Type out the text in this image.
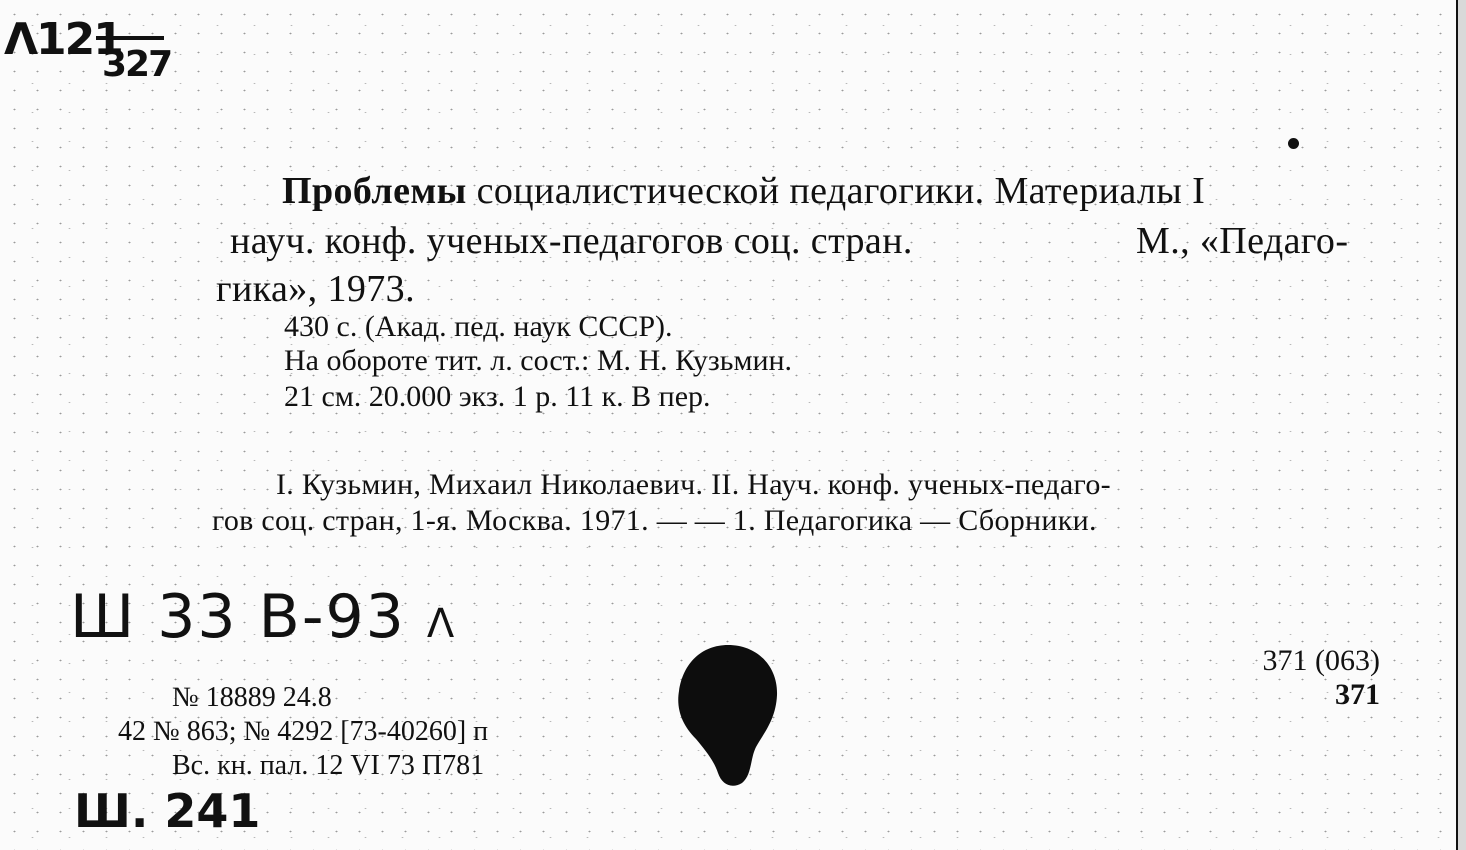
Λ121
327
Проблемы социалистической педагогики. Материалы I
науч. конф. ученых-педагогов соц. стран.	М., «Педаго-
гика», 1973.
430 с. (Акад. пед. наук СССР).
На обороте тит. л. сост.: М. Н. Кузьмин.
21 см. 20.000 экз. 1 р. 11 к. В пер.
I. Кузьмин, Михаил Николаевич. II. Науч. конф. ученых-педаго-
гов соц. стран, 1-я. Москва. 1971. — — 1. Педагогика — Сборники.
Ш 33 В-93 Λ
371 (063)
371
№ 18889 24.8
42 № 863; № 4292 [73-40260] п
Вс. кн. пал. 12 VI 73 П781
Ш. 241
